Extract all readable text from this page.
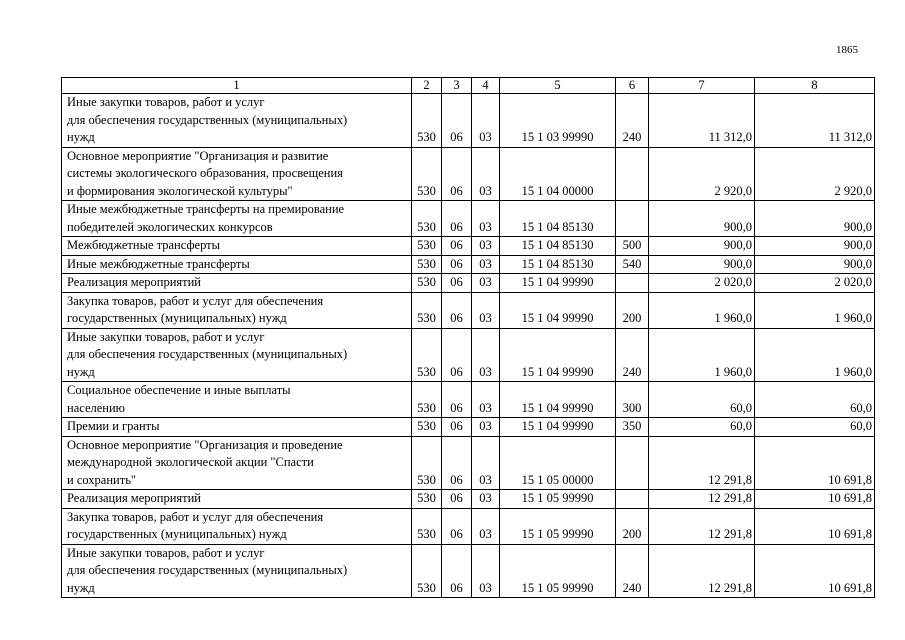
1865
1	2	3	4	5	6	7	8
Иные закупки товаров, работ и услуг
для обеспечения государственных (муниципальных)
нужд	530	06	03	15 1 03 99990	240	11 312,0	11 312,0
Основное мероприятие "Организация и развитие
системы экологического образования, просвещения
и формирования экологической культуры"	530	06	03	15 1 04 00000		2 920,0	2 920,0
Иные межбюджетные трансферты на премирование
победителей экологических конкурсов	530	06	03	15 1 04 85130		900,0	900,0
Межбюджетные трансферты	530	06	03	15 1 04 85130	500	900,0	900,0
Иные межбюджетные трансферты	530	06	03	15 1 04 85130	540	900,0	900,0
Реализация мероприятий	530	06	03	15 1 04 99990		2 020,0	2 020,0
Закупка товаров, работ и услуг для обеспечения
государственных (муниципальных) нужд	530	06	03	15 1 04 99990	200	1 960,0	1 960,0
Иные закупки товаров, работ и услуг
для обеспечения государственных (муниципальных)
нужд	530	06	03	15 1 04 99990	240	1 960,0	1 960,0
Социальное обеспечение и иные выплаты
населению	530	06	03	15 1 04 99990	300	60,0	60,0
Премии и гранты	530	06	03	15 1 04 99990	350	60,0	60,0
Основное мероприятие "Организация и проведение
международной экологической акции "Спасти
и сохранить"	530	06	03	15 1 05 00000		12 291,8	10 691,8
Реализация мероприятий	530	06	03	15 1 05 99990		12 291,8	10 691,8
Закупка товаров, работ и услуг для обеспечения
государственных (муниципальных) нужд	530	06	03	15 1 05 99990	200	12 291,8	10 691,8
Иные закупки товаров, работ и услуг
для обеспечения государственных (муниципальных)
нужд	530	06	03	15 1 05 99990	240	12 291,8	10 691,8
